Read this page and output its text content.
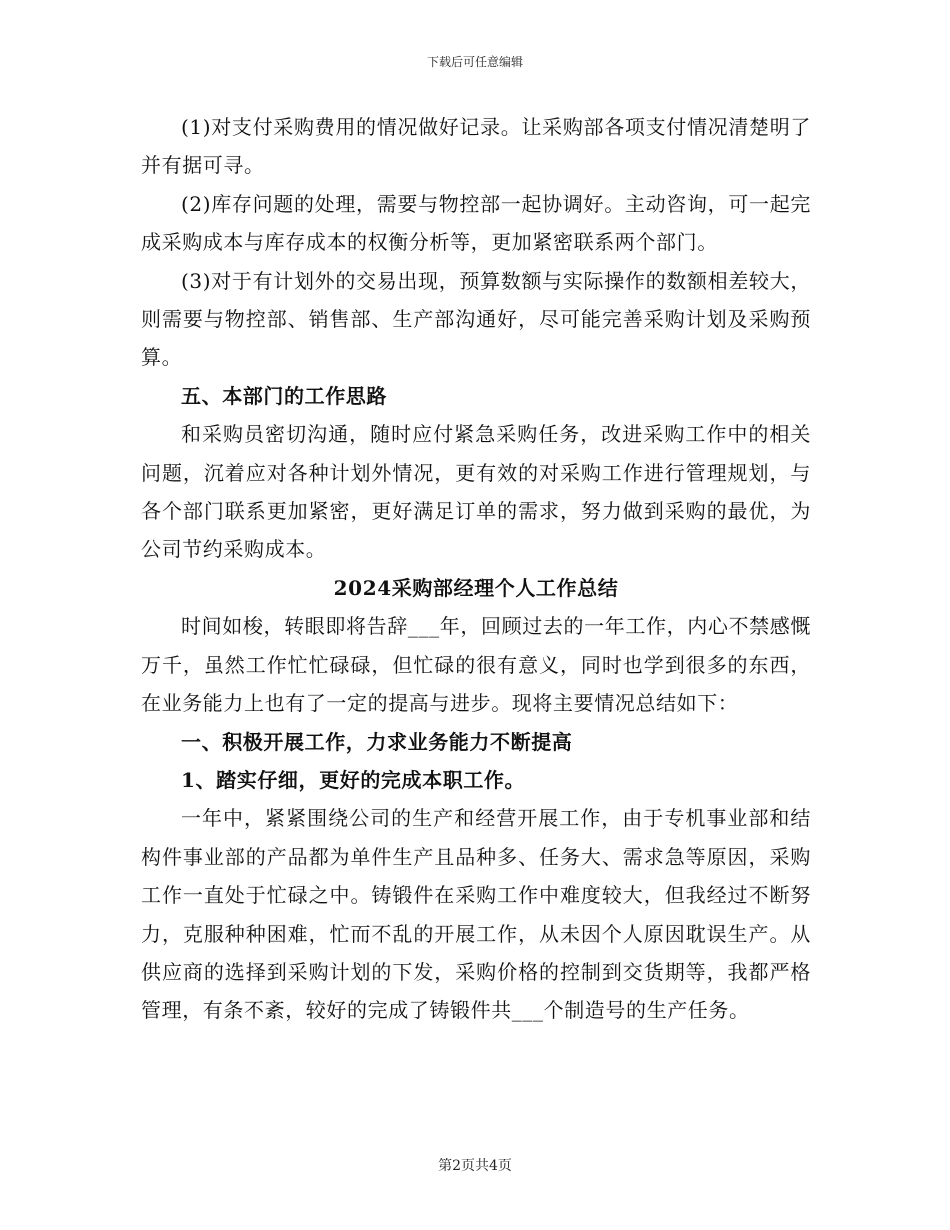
下载后可任意编辑

(1)对支付采购费用的情况做好记录。让采购部各项支付情况清楚明了并有据可寻。

(2)库存问题的处理，需要与物控部一起协调好。主动咨询，可一起完成采购成本与库存成本的权衡分析等，更加紧密联系两个部门。

(3)对于有计划外的交易出现，预算数额与实际操作的数额相差较大，则需要与物控部、销售部、生产部沟通好，尽可能完善采购计划及采购预算。

五、本部门的工作思路

和采购员密切沟通，随时应付紧急采购任务，改进采购工作中的相关问题，沉着应对各种计划外情况，更有效的对采购工作进行管理规划，与各个部门联系更加紧密，更好满足订单的需求，努力做到采购的最优，为公司节约采购成本。

2024采购部经理个人工作总结

时间如梭，转眼即将告辞___年，回顾过去的一年工作，内心不禁感慨万千，虽然工作忙忙碌碌，但忙碌的很有意义，同时也学到很多的东西，在业务能力上也有了一定的提高与进步。现将主要情况总结如下：

一、积极开展工作，力求业务能力不断提高

1、踏实仔细，更好的完成本职工作。

一年中，紧紧围绕公司的生产和经营开展工作，由于专机事业部和结构件事业部的产品都为单件生产且品种多、任务大、需求急等原因，采购工作一直处于忙碌之中。铸锻件在采购工作中难度较大，但我经过不断努力，克服种种困难，忙而不乱的开展工作，从未因个人原因耽误生产。从供应商的选择到采购计划的下发，采购价格的控制到交货期等，我都严格管理，有条不紊，较好的完成了铸锻件共___个制造号的生产任务。

第2页共4页
